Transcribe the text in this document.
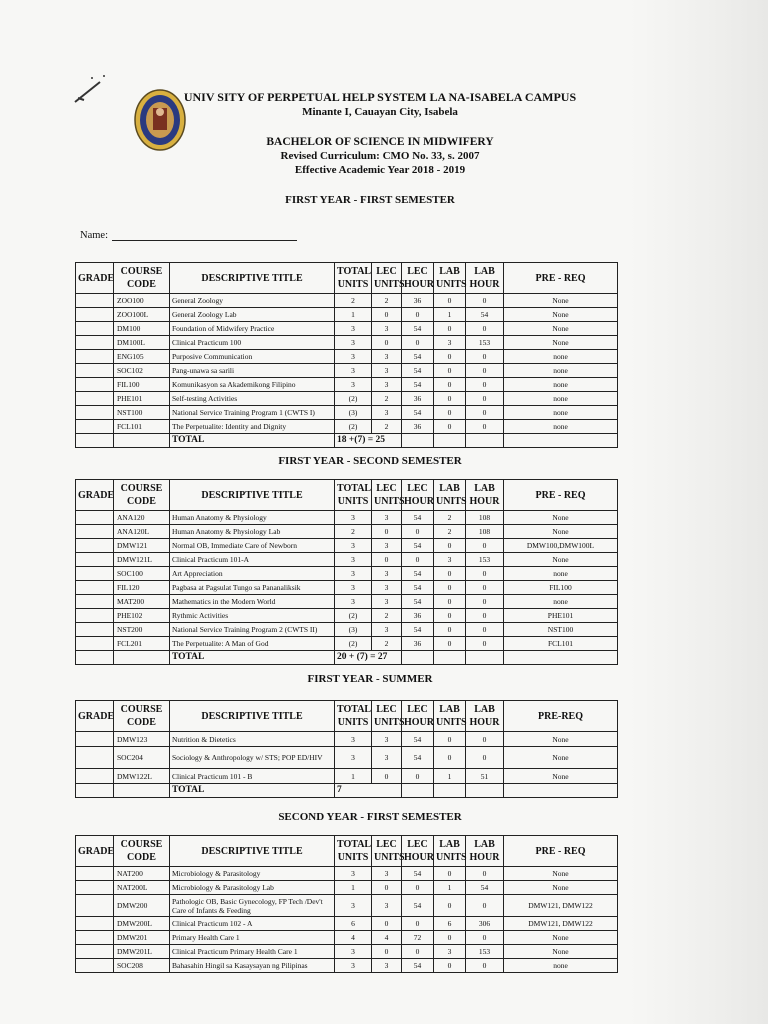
UNIV SITY OF PERPETUAL HELP SYSTEM LA NA-ISABELA CAMPUS
Minante I, Cauayan City, Isabela
BACHELOR OF SCIENCE IN MIDWIFERY
Revised Curriculum: CMO No. 33, s. 2007
Effective Academic Year 2018 - 2019
FIRST YEAR - FIRST SEMESTER
Name:
GRADE	COURSE CODE	DESCRIPTIVE TITLE	TOTAL UNITS	LEC UNITS	LEC HOUR	LAB UNITS	LAB HOUR	PRE - REQ
	ZOO100	General Zoology	2	2	36	0	0	None
	ZOO100L	General Zoology Lab	1	0	0	1	54	None
	DM100	Foundation of Midwifery Practice	3	3	54	0	0	None
	DM100L	Clinical Practicum 100	3	0	0	3	153	None
	ENG105	Purposive Communication	3	3	54	0	0	none
	SOC102	Pang-unawa sa sarili	3	3	54	0	0	none
	FIL100	Komunikasyon sa Akademikong Filipino	3	3	54	0	0	none
	PHE101	Self-testing Activities	(2)	2	36	0	0	none
	NST100	National Service Training Program 1 (CWTS I)	(3)	3	54	0	0	none
	FCL101	The Perpetualite: Identity and Dignity	(2)	2	36	0	0	none
		TOTAL	18 +(7) = 25					
FIRST YEAR - SECOND SEMESTER
GRADE	COURSE CODE	DESCRIPTIVE TITLE	TOTAL UNITS	LEC UNITS	LEC HOUR	LAB UNITS	LAB HOUR	PRE - REQ
	ANA120	Human Anatomy & Physiology	3	3	54	2	108	None
	ANA120L	Human Anatomy & Physiology Lab	2	0	0	2	108	None
	DMW121	Normal OB, Immediate Care of Newborn	3	3	54	0	0	DMW100,DMW100L
	DMW121L	Clinical Practicum 101-A	3	0	0	3	153	None
	SOC100	Art Appreciation	3	3	54	0	0	none
	FIL120	Pagbasa at Pagsulat Tungo sa Pananaliksik	3	3	54	0	0	FIL100
	MAT200	Mathematics in the Modern World	3	3	54	0	0	none
	PHE102	Rythmic Activities	(2)	2	36	0	0	PHE101
	NST200	National Service Training Program 2 (CWTS II)	(3)	3	54	0	0	NST100
	FCL201	The Perpetualite: A Man of God	(2)	2	36	0	0	FCL101
		TOTAL	20 + (7) = 27					
FIRST YEAR - SUMMER
GRADE	COURSE CODE	DESCRIPTIVE TITLE	TOTAL UNITS	LEC UNITS	LEC HOUR	LAB UNITS	LAB HOUR	PRE-REQ
	DMW123	Nutrition & Dietetics	3	3	54	0	0	None
	SOC204	Sociology & Anthropology w/ STS; POP ED/HIV	3	3	54	0	0	None
	DMW122L	Clinical Practicum 101 - B	1	0	0	1	51	None
		TOTAL	7					
SECOND YEAR - FIRST SEMESTER
GRADE	COURSE CODE	DESCRIPTIVE TITLE	TOTAL UNITS	LEC UNITS	LEC HOUR	LAB UNITS	LAB HOUR	PRE - REQ
	NAT200	Microbiology & Parasitology	3	3	54	0	0	None
	NAT200L	Microbiology & Parasitology Lab	1	0	0	1	54	None
	DMW200	Pathologic OB, Basic Gynecology, FP Tech /Dev't Care of Infants & Feeding	3	3	54	0	0	DMW121, DMW122
	DMW200L	Clinical Practicum 102 - A	6	0	0	6	306	DMW121, DMW122
	DMW201	Primary Health Care 1	4	4	72	0	0	None
	DMW201L	Clinical Practicum Primary Health Care 1	3	0	0	3	153	None
	SOC208	Bahasahin Hingil sa Kasaysayan ng Pilipinas	3	3	54	0	0	none
